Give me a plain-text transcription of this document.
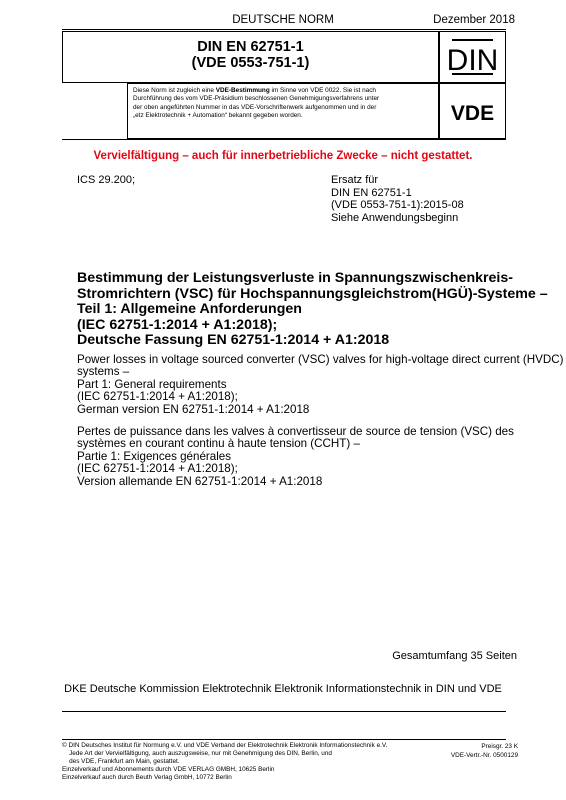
DEUTSCHE NORM	Dezember 2018
DIN EN 62751-1
(VDE 0553-751-1)	DIN
Diese Norm ist zugleich eine VDE-Bestimmung im Sinne von VDE 0022. Sie ist nach
Durchführung des vom VDE-Präsidium beschlossenen Genehmigungsverfahrens unter
der oben angeführten Nummer in das VDE-Vorschriftenwerk aufgenommen und in der
„etz Elektrotechnik + Automation“ bekannt gegeben worden.	VDE
Vervielfältigung – auch für innerbetriebliche Zwecke – nicht gestattet.
ICS 29.200;	Ersatz für
DIN EN 62751-1
(VDE 0553-751-1):2015-08
Siehe Anwendungsbeginn
Bestimmung der Leistungsverluste in Spannungszwischenkreis-
Stromrichtern (VSC) für Hochspannungsgleichstrom(HGÜ)-Systeme –
Teil 1: Allgemeine Anforderungen
(IEC 62751-1:2014 + A1:2018);
Deutsche Fassung EN 62751-1:2014 + A1:2018
Power losses in voltage sourced converter (VSC) valves for high-voltage direct current (HVDC)
systems –
Part 1: General requirements
(IEC 62751-1:2014 + A1:2018);
German version EN 62751-1:2014 + A1:2018
Pertes de puissance dans les valves à convertisseur de source de tension (VSC) des
systèmes en courant continu à haute tension (CCHT) –
Partie 1: Exigences générales
(IEC 62751-1:2014 + A1:2018);
Version allemande EN 62751-1:2014 + A1:2018
Gesamtumfang 35 Seiten
DKE Deutsche Kommission Elektrotechnik Elektronik Informationstechnik in DIN und VDE
© DIN Deutsches Institut für Normung e.V. und VDE Verband der Elektrotechnik Elektronik Informationstechnik e.V.
Jede Art der Vervielfältigung, auch auszugsweise, nur mit Genehmigung des DIN, Berlin, und
des VDE, Frankfurt am Main, gestattet.
Einzelverkauf und Abonnements durch VDE VERLAG GMBH, 10625 Berlin
Einzelverkauf auch durch Beuth Verlag GmbH, 10772 Berlin
Preisgr. 23 K
VDE-Vertr.-Nr. 0500129
